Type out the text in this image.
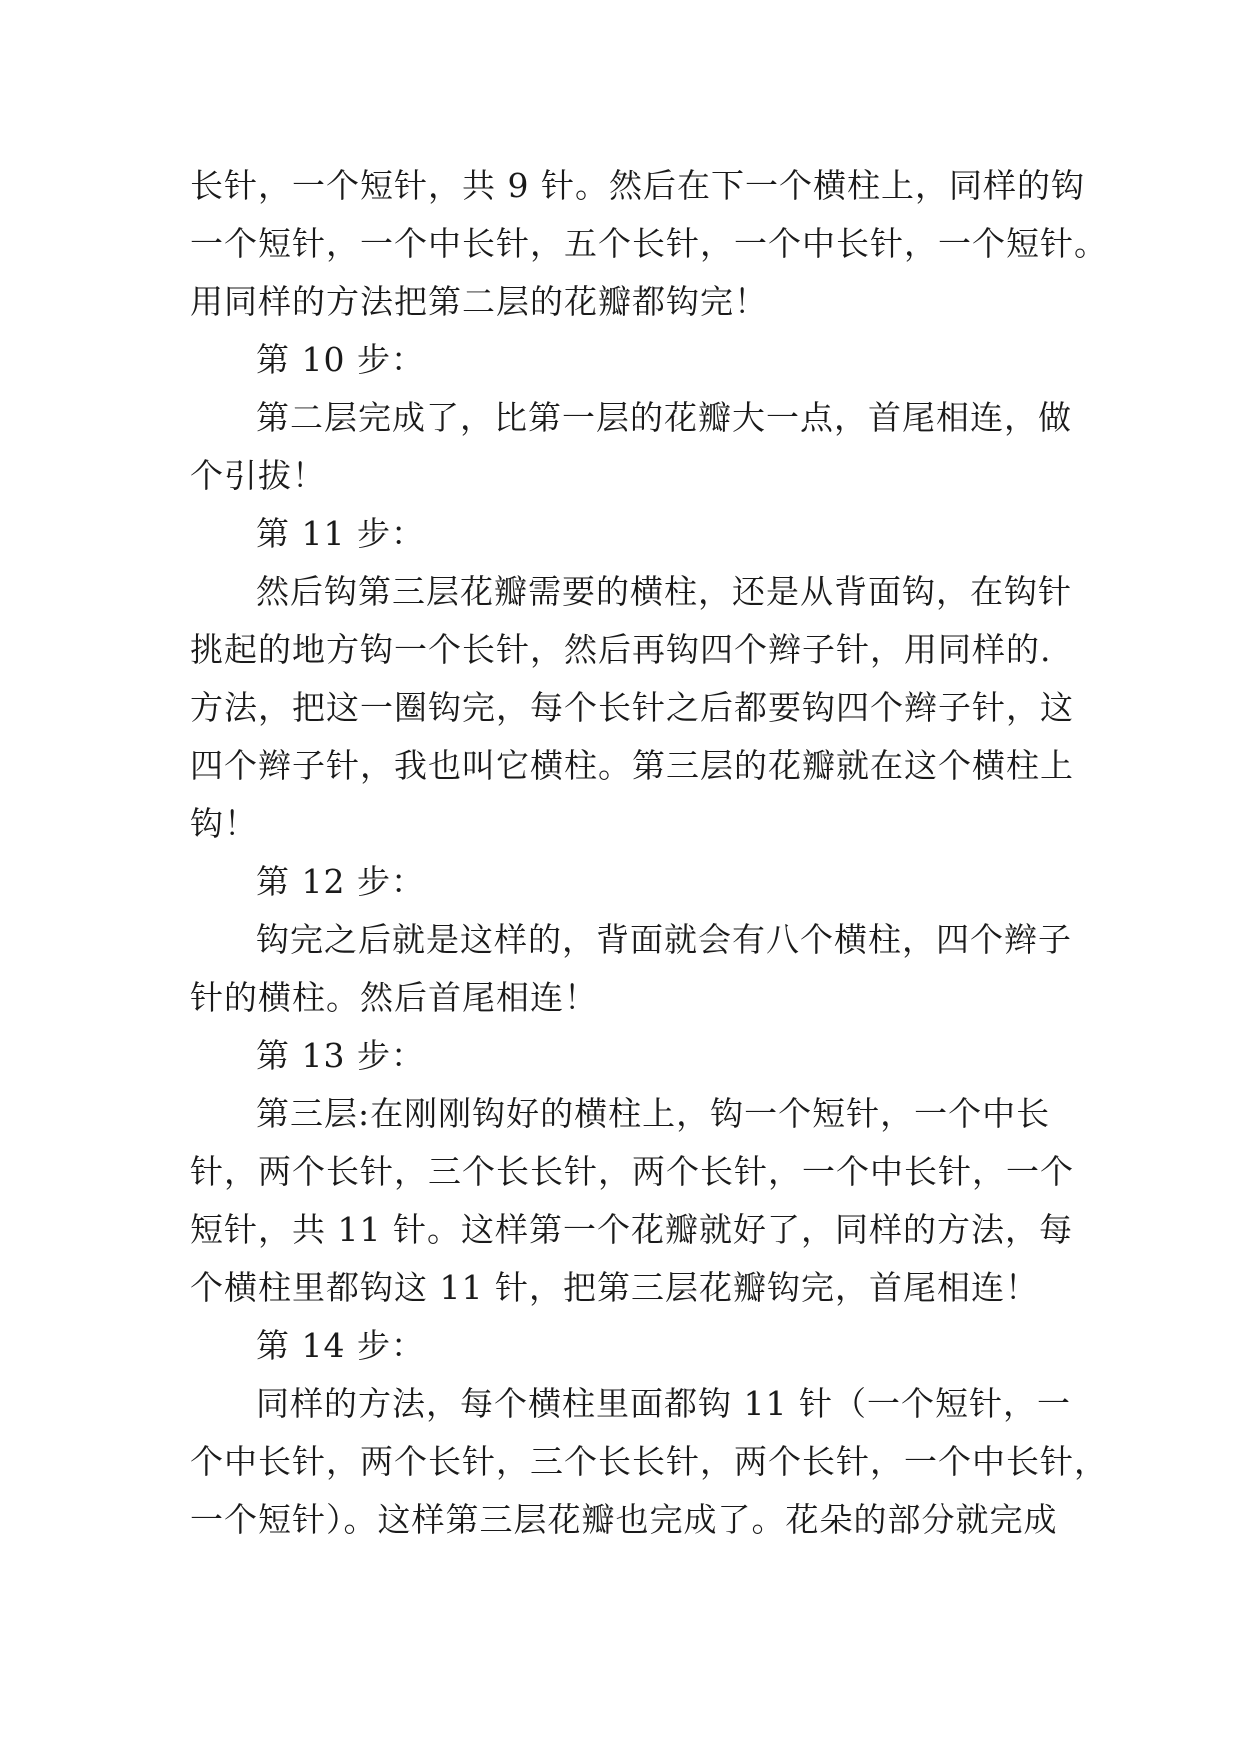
长针，一个短针，共 9 针。然后在下一个横柱上，同样的钩
一个短针，一个中长针，五个长针，一个中长针，一个短针。
用同样的方法把第二层的花瓣都钩完！
第 10 步：
第二层完成了，比第一层的花瓣大一点，首尾相连，做
个引拔！
第 11 步：
然后钩第三层花瓣需要的横柱，还是从背面钩，在钩针
挑起的地方钩一个长针，然后再钩四个辫子针，用同样的.
方法，把这一圈钩完，每个长针之后都要钩四个辫子针，这
四个辫子针，我也叫它横柱。第三层的花瓣就在这个横柱上
钩！
第 12 步：
钩完之后就是这样的，背面就会有八个横柱，四个辫子
针的横柱。然后首尾相连！
第 13 步：
第三层:在刚刚钩好的横柱上，钩一个短针，一个中长
针，两个长针，三个长长针，两个长针，一个中长针，一个
短针，共 11 针。这样第一个花瓣就好了，同样的方法，每
个横柱里都钩这 11 针，把第三层花瓣钩完，首尾相连！
第 14 步：
同样的方法，每个横柱里面都钩 11 针（一个短针，一
个中长针，两个长针，三个长长针，两个长针，一个中长针，
一个短针）。这样第三层花瓣也完成了。花朵的部分就完成
